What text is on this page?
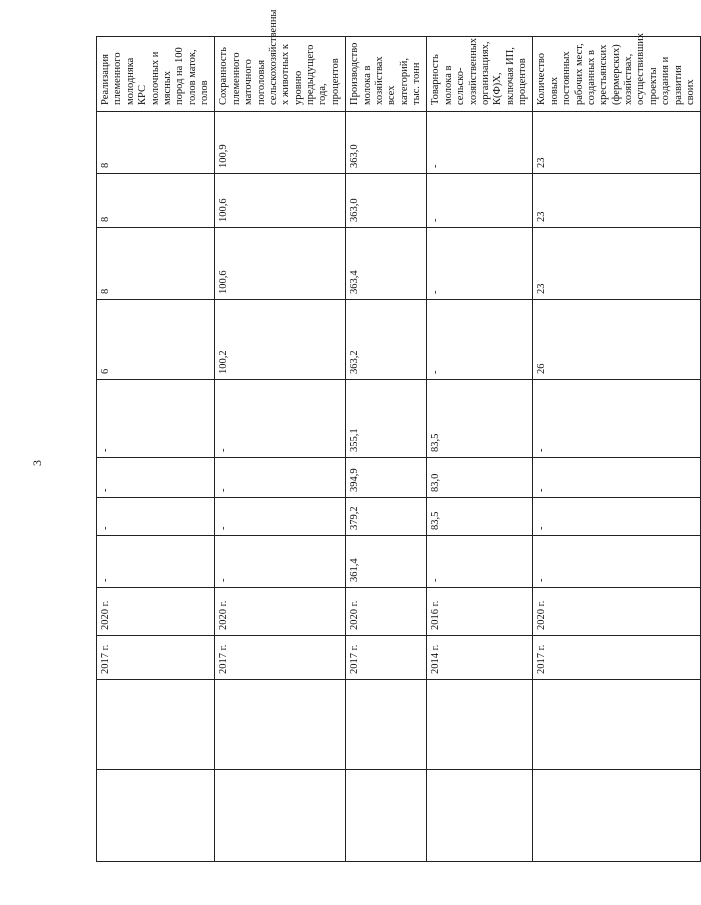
3
		2017 г.	2020 г.	-	-	-	-	6	8	8	8	Реализация племенного молодняка КРС молочных и мясных пород на 100 голов маток, голов
		2017 г.	2020 г.	-	-	-	-	100,2	100,6	100,6	100,9	Сохранность племенного маточного поголовья сельскохозяйственны х животных к уровню предыдущего года, процентов
		2017 г.	2020 г.	361,4	379,2	394,9	355,1	363,2	363,4	363,0	363,0	Производство молока в хозяйствах всех категорий, тыс. тонн
		2014 г.	2016 г.	-	83,5	83,0	83,5	-	-	-	-	Товарность молока в сельско-хозяйственных организациях, К(Ф)Х, включая ИП, процентов
		2017 г.	2020 г.	-	-	-	-	26	23	23	23	Количество новых постоянных рабочих мест, созданных в крестьянских (фермерских) хозяйствах, осуществивших проекты создания и развития своих
